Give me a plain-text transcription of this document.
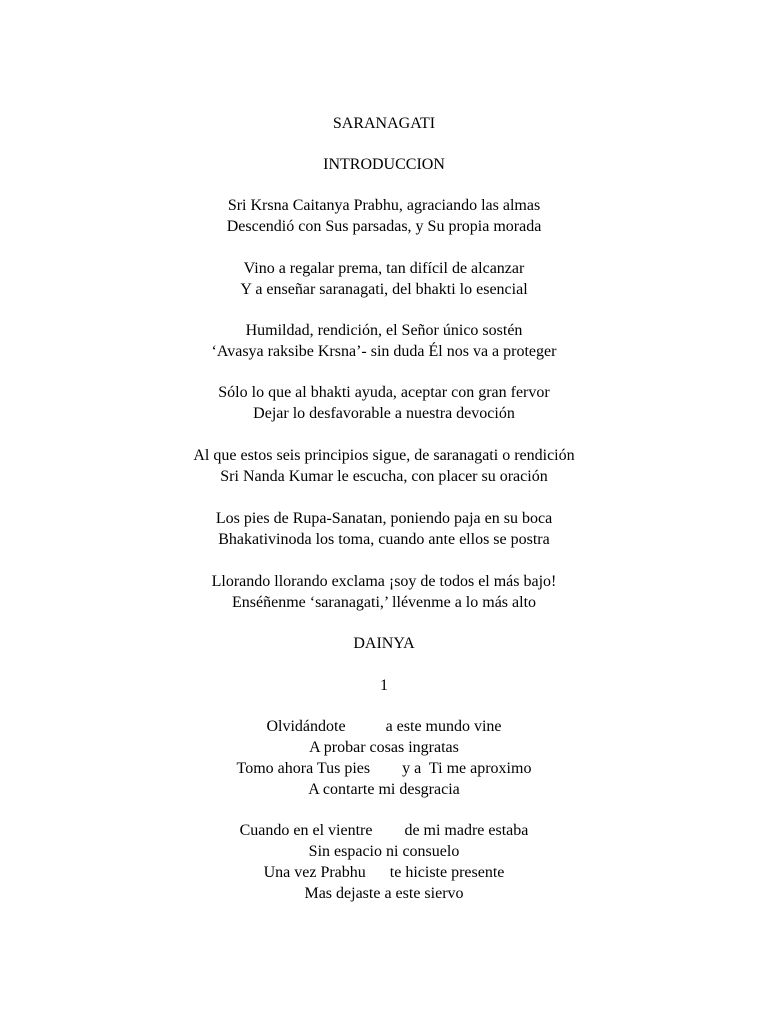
SARANAGATI
INTRODUCCION
Sri Krsna Caitanya Prabhu, agraciando las almas
Descendió con Sus parsadas, y Su propia morada
Vino a regalar prema, tan difícil de alcanzar
Y a enseñar saranagati, del bhakti lo esencial
Humildad, rendición, el Señor único sostén
‘Avasya raksibe Krsna’- sin duda Él nos va a proteger
Sólo lo que al bhakti ayuda, aceptar con gran fervor
Dejar lo desfavorable a nuestra devoción
Al que estos seis principios sigue, de saranagati o rendición
Sri Nanda Kumar le escucha, con placer su oración
Los pies de Rupa-Sanatan, poniendo paja en su boca
Bhakativinoda los toma, cuando ante ellos se postra
Llorando llorando exclama ¡soy de todos el más bajo!
Enséñenme ‘saranagati,’ llévenme a lo más alto
DAINYA
1
Olvidándote          a este mundo vine
A probar cosas ingratas
Tomo ahora Tus pies        y a  Ti me aproximo
A contarte mi desgracia
Cuando en el vientre        de mi madre estaba
Sin espacio ni consuelo
Una vez Prabhu      te hiciste presente
Mas dejaste a este siervo
